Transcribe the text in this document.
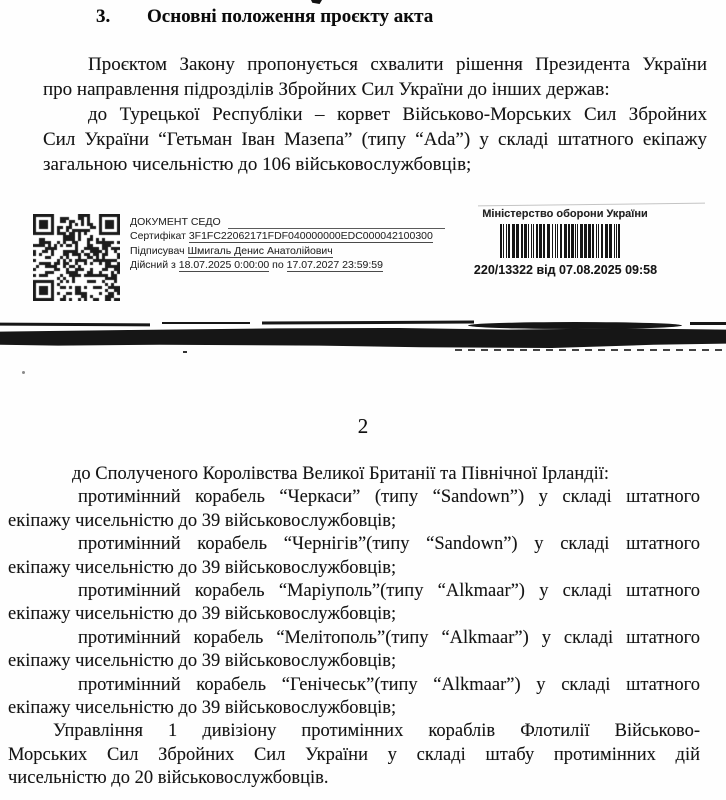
3.	Основні положення проєкту акта
Проєктом Закону пропонується схвалити рішення Президента України
про направлення підрозділів Збройних Сил України до інших держав:
до Турецької Республіки – корвет Військово-Морських Сил Збройних
Сил України “Гетьман Іван Мазепа” (типу “Ada”) у складі штатного екіпажу
загальною чисельністю до 106 військовослужбовців;
ДОКУМЕНТ СЕДО
Сертифікат 3F1FC22062171FDF040000000EDC000042100300
Підписувач Шмигаль Денис Анатолійович
Дійсний з 18.07.2025 0:00:00 по 17.07.2027 23:59:59
Міністерство оборони України
220/13322 від 07.08.2025 09:58
2
до Сполученого Королівства Великої Британії та Північної Ірландії:
протимінний корабель “Черкаси” (типу “Sandown”) у складі штатного
екіпажу чисельністю до 39 військовослужбовців;
протимінний корабель “Чернігів”(типу “Sandown”) у складі штатного
екіпажу чисельністю до 39 військовослужбовців;
протимінний корабель “Маріуполь”(типу “Alkmaar”) у складі штатного
екіпажу чисельністю до 39 військовослужбовців;
протимінний корабель “Мелітополь”(типу “Alkmaar”) у складі штатного
екіпажу чисельністю до 39 військовослужбовців;
протимінний корабель “Генічеськ”(типу “Alkmaar”) у складі штатного
екіпажу чисельністю до 39 військовослужбовців;
Управління 1 дивізіону протимінних кораблів Флотилії Військово-
Морських Сил Збройних Сил України у складі штабу протимінних дій
чисельністю до 20 військовослужбовців.
